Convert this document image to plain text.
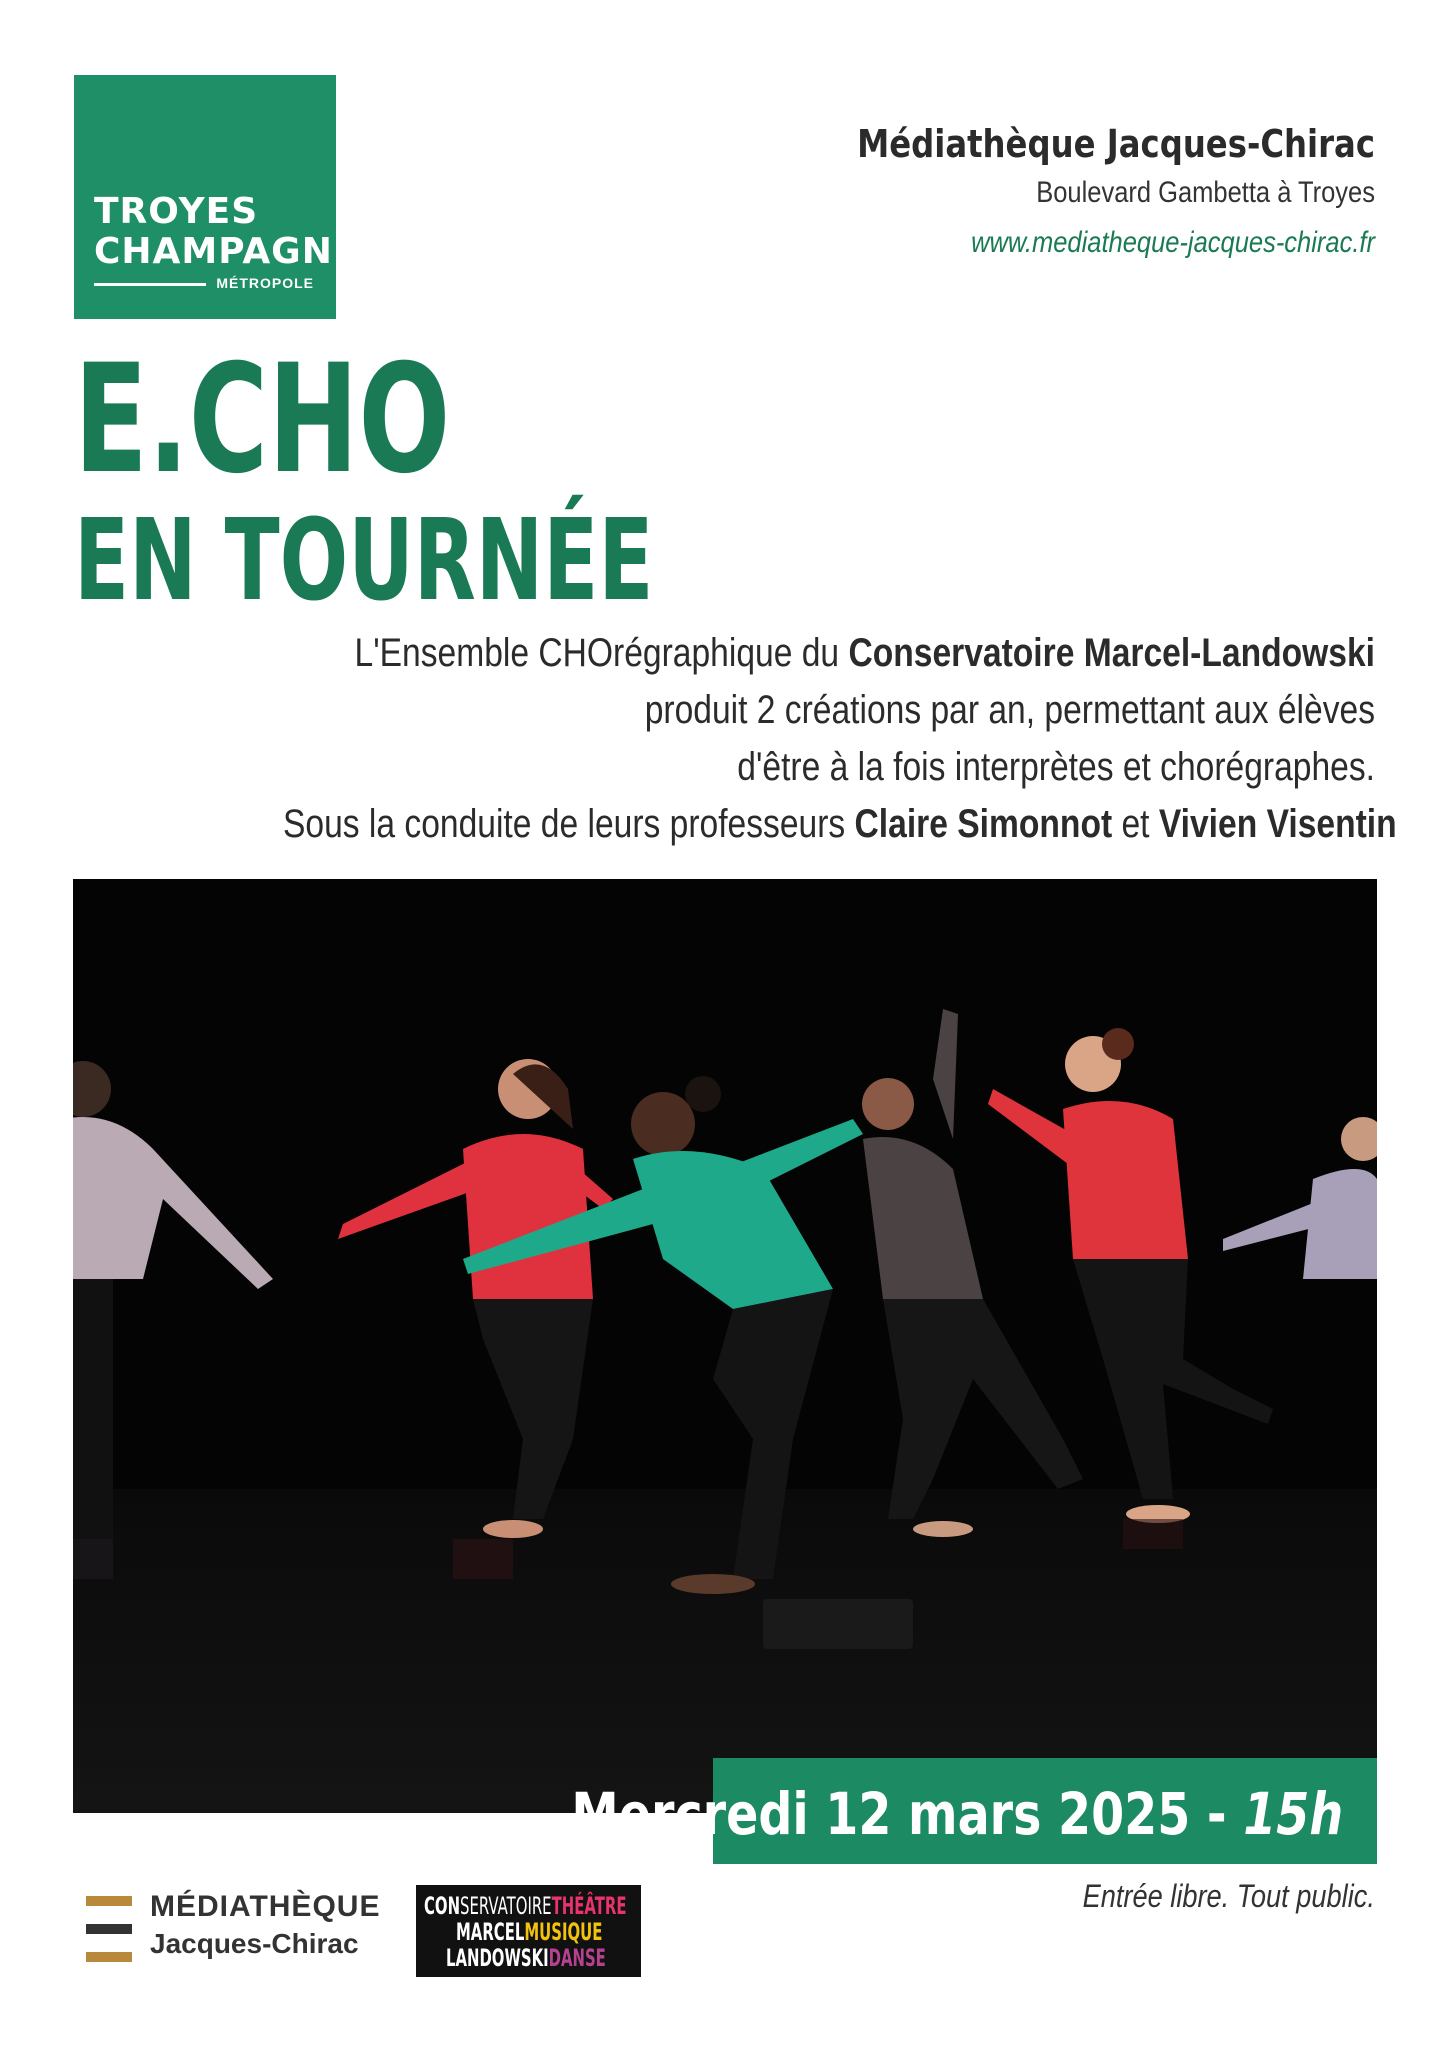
TROYES
CHAMPAGNE
MÉTROPOLE
Médiathèque Jacques-Chirac
Boulevard Gambetta à Troyes
www.mediatheque-jacques-chirac.fr
E.CHO
EN TOURNÉE
L'Ensemble CHOrégraphique du Conservatoire Marcel-Landowski
produit 2 créations par an, permettant aux élèves
d'être à la fois interprètes et chorégraphes.
Sous la conduite de leurs professeurs Claire Simonnot et Vivien Visentin
Mercredi 12 mars 2025 - 15h
Entrée libre. Tout public.
MÉDIATHÈQUE
Jacques-Chirac
CONSERVATOIRETHÉÂTRE
MARCELMUSIQUE
LANDOWSKIDANSE
